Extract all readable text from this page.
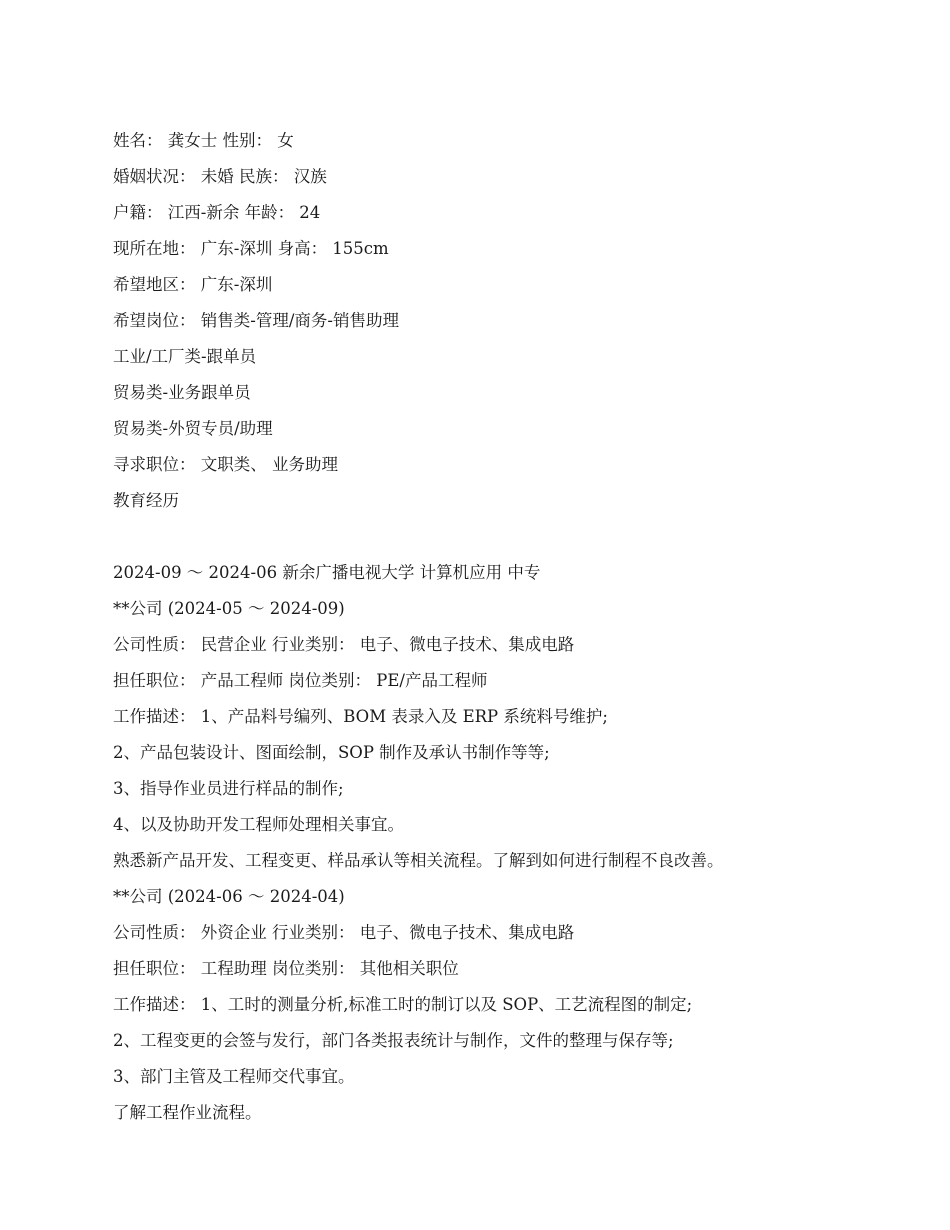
姓名： 龚女士 性别： 女
婚姻状况： 未婚 民族： 汉族
户籍： 江西-新余 年龄： 24
现所在地： 广东-深圳 身高： 155cm
希望地区： 广东-深圳
希望岗位： 销售类-管理/商务-销售助理
工业/工厂类-跟单员
贸易类-业务跟单员
贸易类-外贸专员/助理
寻求职位： 文职类、 业务助理
教育经历
2024-09 ～ 2024-06 新余广播电视大学 计算机应用 中专
**公司 (2024-05 ～ 2024-09)
公司性质： 民营企业 行业类别： 电子、微电子技术、集成电路
担任职位： 产品工程师 岗位类别： PE/产品工程师
工作描述： 1、产品料号编列、BOM 表录入及 ERP 系统料号维护;
2、产品包装设计、图面绘制，SOP 制作及承认书制作等等;
3、指导作业员进行样品的制作;
4、以及协助开发工程师处理相关事宜。
熟悉新产品开发、工程变更、样品承认等相关流程。了解到如何进行制程不良改善。
**公司 (2024-06 ～ 2024-04)
公司性质： 外资企业 行业类别： 电子、微电子技术、集成电路
担任职位： 工程助理 岗位类别： 其他相关职位
工作描述： 1、工时的测量分析,标准工时的制订以及 SOP、工艺流程图的制定;
2、工程变更的会签与发行，部门各类报表统计与制作，文件的整理与保存等;
3、部门主管及工程师交代事宜。
了解工程作业流程。
